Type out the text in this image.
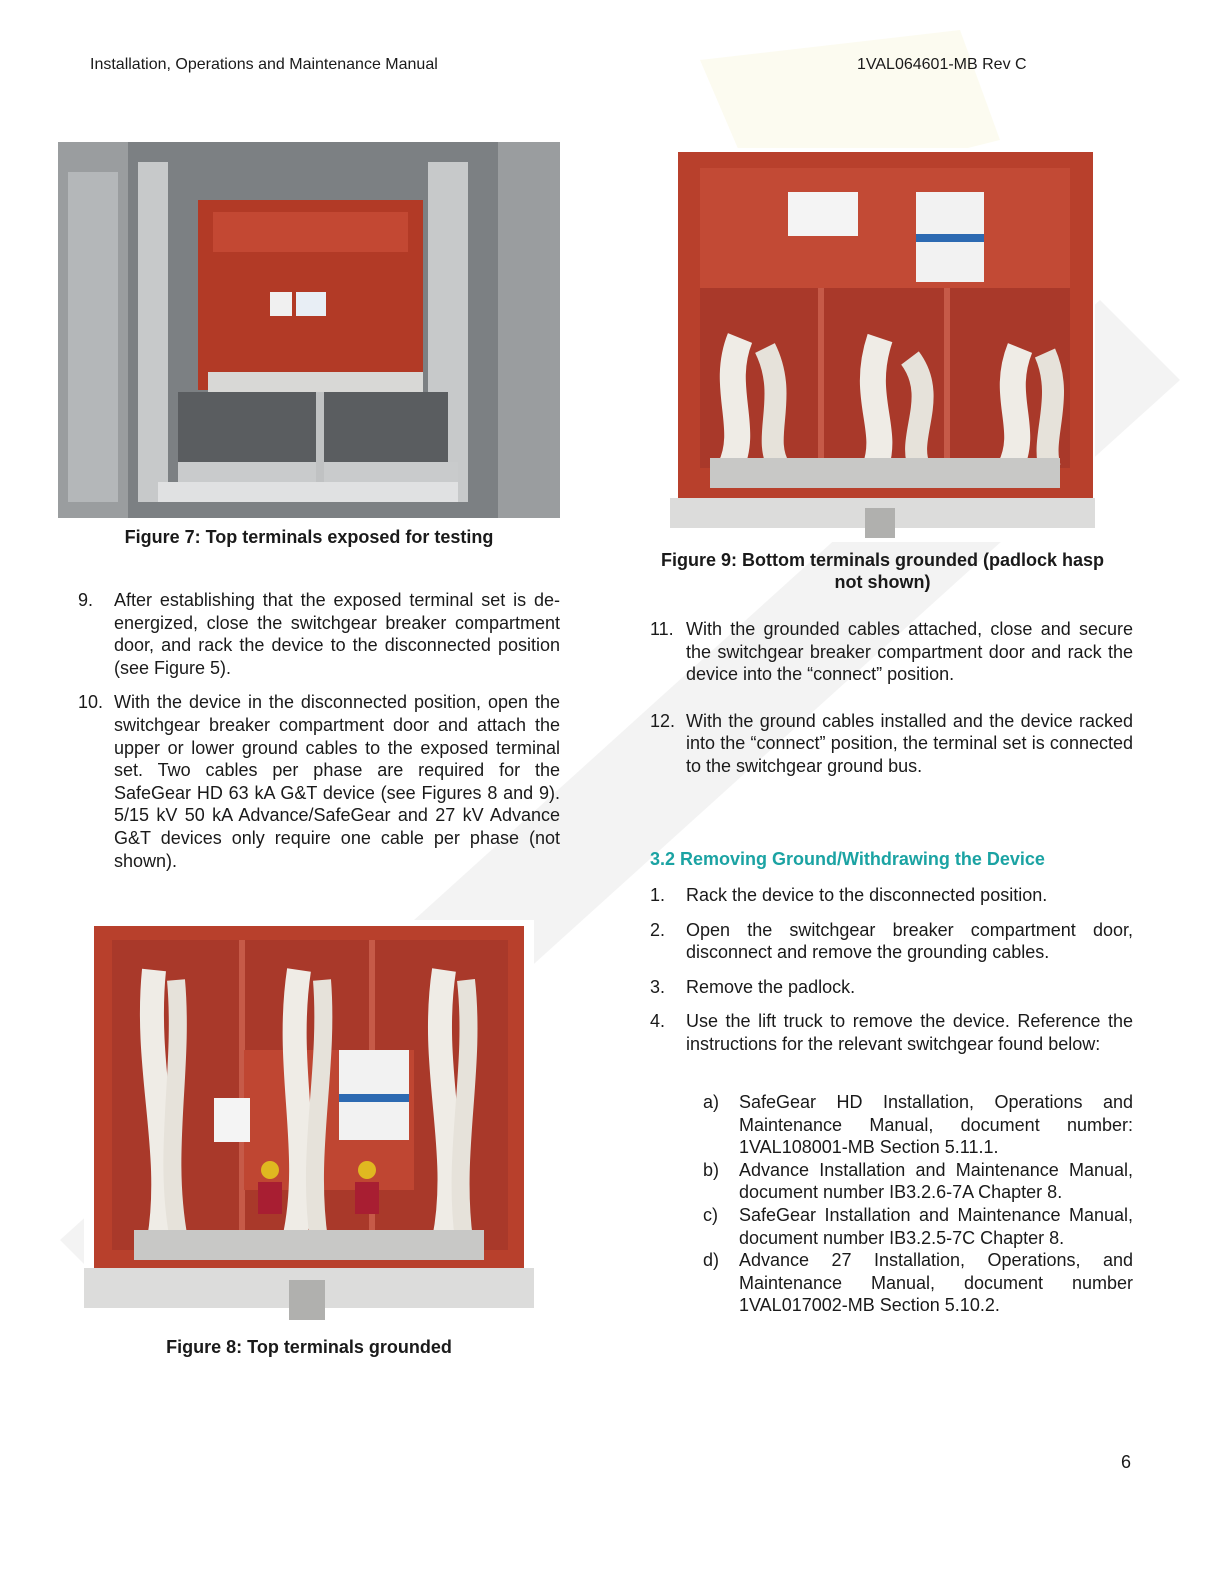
Installation, Operations and Maintenance Manual	1VAL064601-MB Rev C
Figure 7: Top terminals exposed for testing
Figure 9: Bottom terminals grounded (padlock hasp
not shown)
9. After establishing that the exposed terminal set is de-energized, close the switchgear breaker compartment door, and rack the device to the disconnected position (see Figure 5).
10. With the device in the disconnected position, open the switchgear breaker compartment door and attach the upper or lower ground cables to the exposed terminal set. Two cables per phase are required for the SafeGear HD 63 kA G&T device (see Figures 8 and 9). 5/15 kV 50 kA Advance/SafeGear and 27 kV Advance G&T devices only require one cable per phase (not shown).
11. With the grounded cables attached, close and secure the switchgear breaker compartment door and rack the device into the “connect” position.
12. With the ground cables installed and the device racked into the “connect” position, the terminal set is connected to the switchgear ground bus.
Figure 8: Top terminals grounded
3.2 Removing Ground/Withdrawing the Device
1. Rack the device to the disconnected position.
2. Open the switchgear breaker compartment door, disconnect and remove the grounding cables.
3. Remove the padlock.
4. Use the lift truck to remove the device. Reference the instructions for the relevant switchgear found below:
a) SafeGear HD Installation, Operations and Maintenance Manual, document number: 1VAL108001-MB Section 5.11.1.
b) Advance Installation and Maintenance Manual, document number IB3.2.6-7A Chapter 8.
c) SafeGear Installation and Maintenance Manual, document number IB3.2.5-7C Chapter 8.
d) Advance 27 Installation, Operations, and Maintenance Manual, document number 1VAL017002-MB Section 5.10.2.
6
